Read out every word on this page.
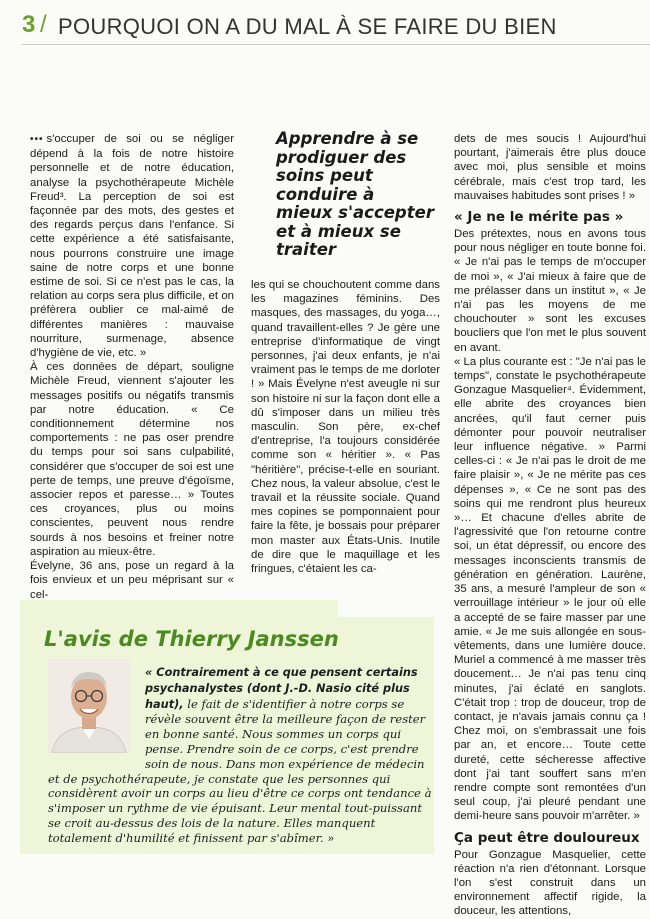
3 / POURQUOI ON A DU MAL À SE FAIRE DU BIEN

••• s'occuper de soi ou se négliger dépend à la fois de notre histoire personnelle et de notre éducation, analyse la psychothérapeute Michèle Freud³. La perception de soi est façonnée par des mots, des gestes et des regards perçus dans l'enfance. Si cette expérience a été satisfaisante, nous pourrons construire une image saine de notre corps et une bonne estime de soi. Si ce n'est pas le cas, la relation au corps sera plus difficile, et on préfèrera oublier ce mal-aimé de différentes manières : mauvaise nourriture, surmenage, absence d'hygiène de vie, etc. »

À ces données de départ, souligne Michèle Freud, viennent s'ajouter les messages positifs ou négatifs transmis par notre éducation. « Ce conditionnement détermine nos comportements : ne pas oser prendre du temps pour soi sans culpabilité, considérer que s'occuper de soi est une perte de temps, une preuve d'égoïsme, associer repos et paresse… » Toutes ces croyances, plus ou moins conscientes, peuvent nous rendre sourds à nos besoins et freiner notre aspiration au mieux-être.

Évelyne, 36 ans, pose un regard à la fois envieux et un peu méprisant sur « cel-

Apprendre à se prodiguer des soins peut conduire à mieux s'accepter et à mieux se traiter

les qui se chouchoutent comme dans les magazines féminins. Des masques, des massages, du yoga…, quand travaillent-elles ? Je gère une entreprise d'informatique de vingt personnes, j'ai deux enfants, je n'ai vraiment pas le temps de me dorloter ! » Mais Évelyne n'est aveugle ni sur son histoire ni sur la façon dont elle a dû s'imposer dans un milieu très masculin. Son père, ex-chef d'entreprise, l'a toujours considérée comme son « héritier ». « Pas "héritière", précise-t-elle en souriant. Chez nous, la valeur absolue, c'est le travail et la réussite sociale. Quand mes copines se pomponnaient pour faire la fête, je bossais pour préparer mon master aux États-Unis. Inutile de dire que le maquillage et les fringues, c'étaient les ca-

dets de mes soucis ! Aujourd'hui pourtant, j'aimerais être plus douce avec moi, plus sensible et moins cérébrale, mais c'est trop tard, les mauvaises habitudes sont prises ! »

« Je ne le mérite pas »

Des prétextes, nous en avons tous pour nous négliger en toute bonne foi. « Je n'ai pas le temps de m'occuper de moi », « J'ai mieux à faire que de me prélasser dans un institut », « Je n'ai pas les moyens de me chouchouter » sont les excuses boucliers que l'on met le plus souvent en avant.

« La plus courante est : "Je n'ai pas le temps", constate le psychothérapeute Gonzague Masquelier⁴. Évidemment, elle abrite des croyances bien ancrées, qu'il faut cerner puis démonter pour pouvoir neutraliser leur influence négative. » Parmi celles-ci : « Je n'ai pas le droit de me faire plaisir », « Je ne mérite pas ces dépenses », « Ce ne sont pas des soins qui me rendront plus heureux »… Et chacune d'elles abrite de l'agressivité que l'on retourne contre soi, un état dépressif, ou encore des messages inconscients transmis de génération en génération. Laurène, 35 ans, a mesuré l'ampleur de son « verrouillage intérieur » le jour où elle a accepté de se faire masser par une amie. « Je me suis allongée en sous-vêtements, dans une lumière douce. Muriel a commencé à me masser très doucement… Je n'ai pas tenu cinq minutes, j'ai éclaté en sanglots. C'était trop : trop de douceur, trop de contact, je n'avais jamais connu ça ! Chez moi, on s'embrassait une fois par an, et encore… Toute cette dureté, cette sécheresse affective dont j'ai tant souffert sans m'en rendre compte sont remontées d'un seul coup, j'ai pleuré pendant une demi-heure sans pouvoir m'arrêter. »

Ça peut être douloureux

Pour Gonzague Masquelier, cette réaction n'a rien d'étonnant. Lorsque l'on s'est construit dans un environnement affectif rigide, la douceur, les attentions,

L'avis de Thierry Janssen
« Contrairement à ce que pensent certains psychanalystes (dont J.-D. Nasio cité plus haut), le fait de s'identifier à notre corps se révèle souvent être la meilleure façon de rester en bonne santé. Nous sommes un corps qui pense. Prendre soin de ce corps, c'est prendre soin de nous. Dans mon expérience de médecin et de psychothérapeute, je constate que les personnes qui considèrent avoir un corps au lieu d'être ce corps ont tendance à s'imposer un rythme de vie épuisant. Leur mental tout-puissant se croit au-dessus des lois de la nature. Elles manquent totalement d'humilité et finissent par s'abîmer. »
